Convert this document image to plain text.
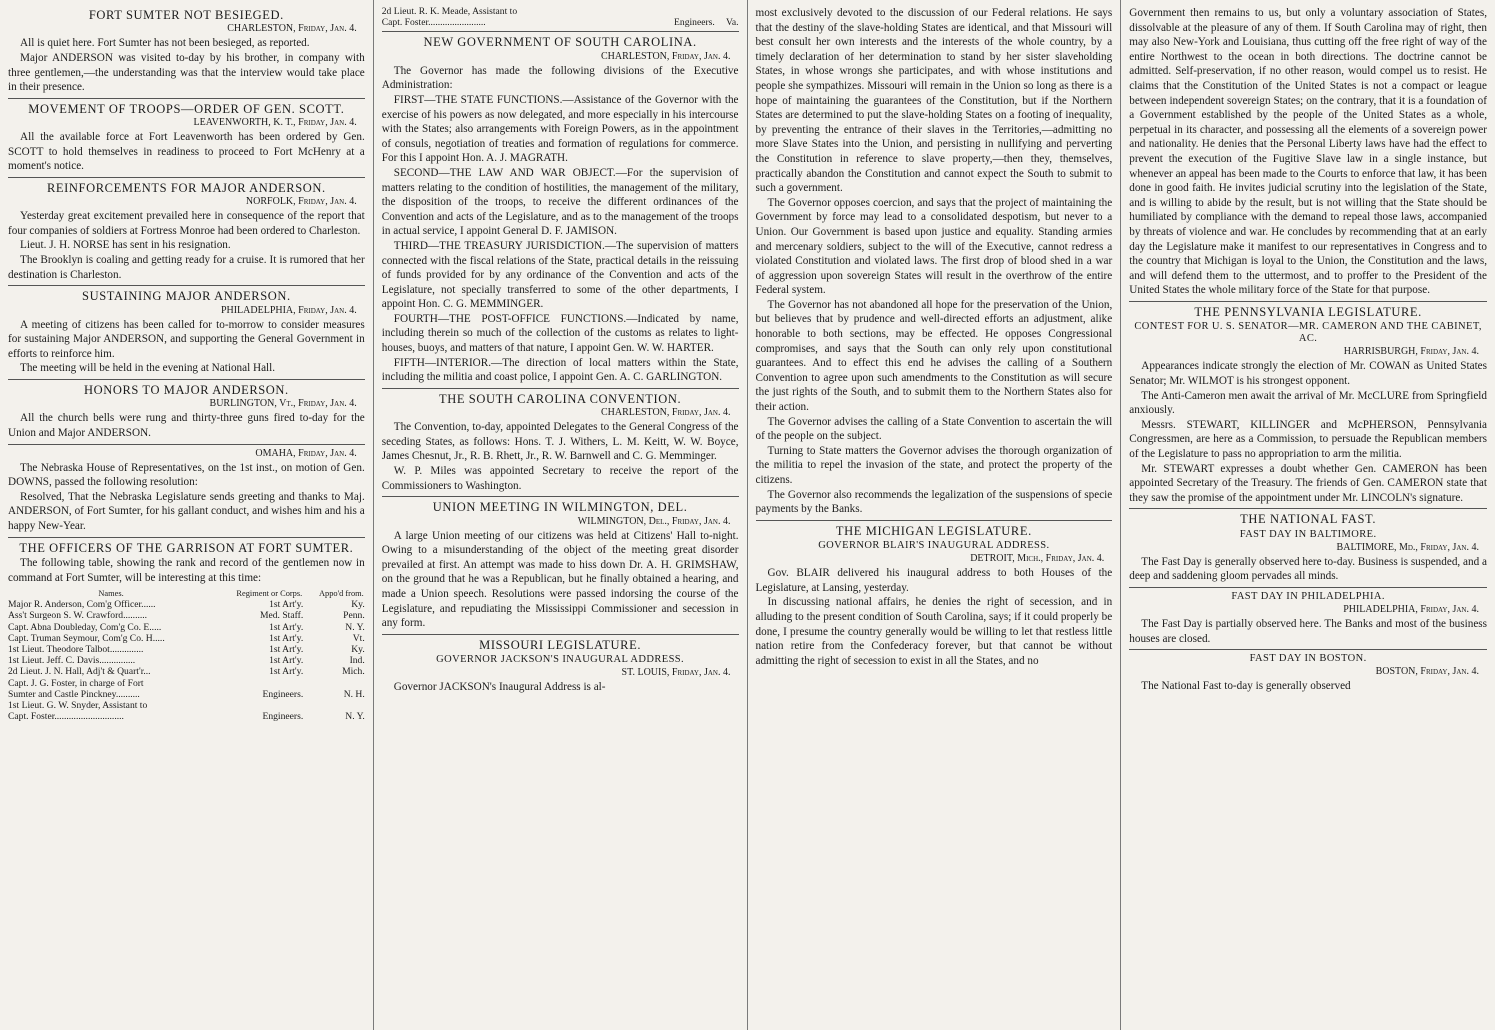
FORT SUMTER NOT BESIEGED.
CHARLESTON, Friday, Jan. 4.

All is quiet here. Fort Sumter has not been besieged, as reported.

Major ANDERSON was visited to-day by his brother, in company with three gentlemen,—the understanding was that the interview would take place in their presence.

MOVEMENT OF TROOPS—ORDER OF GEN. SCOTT.
LEAVENWORTH, K. T., Friday, Jan. 4.

All the available force at Fort Leavenworth has been ordered by Gen. SCOTT to hold themselves in readiness to proceed to Fort McHenry at a moment's notice.

REINFORCEMENTS FOR MAJOR ANDERSON.
NORFOLK, Friday, Jan. 4.

Yesterday great excitement prevailed here in consequence of the report that four companies of soldiers at Fortress Monroe had been ordered to Charleston.

Lieut. J. H. NORSE has sent in his resignation.

The Brooklyn is coaling and getting ready for a cruise. It is rumored that her destination is Charleston.

SUSTAINING MAJOR ANDERSON.
PHILADELPHIA, Friday, Jan. 4.

A meeting of citizens has been called for to-morrow to consider measures for sustaining Major ANDERSON, and supporting the General Government in efforts to reinforce him.

The meeting will be held in the evening at National Hall.

HONORS TO MAJOR ANDERSON.
BURLINGTON, Vt., Friday, Jan. 4.

All the church bells were rung and thirty-three guns fired to-day for the Union and Major ANDERSON.

OMAHA, Friday, Jan. 4.

The Nebraska House of Representatives, on the 1st inst., on motion of Gen. DOWNS, passed the following resolution:

Resolved, That the Nebraska Legislature sends greeting and thanks to Maj. ANDERSON, of Fort Sumter, for his gallant conduct, and wishes him and his a happy New-Year.

THE OFFICERS OF THE GARRISON AT FORT SUMTER.

The following table, showing the rank and record of the gentlemen now in command at Fort Sumter, will be interesting at this time:

Names.	Regiment or Corps.	Appo'd from.
Major R. Anderson, Com'g Officer......	1st Art'y.	Ky.
Ass't Surgeon S. W. Crawford..........	Med. Staff.	Penn.
Capt. Abna Doubleday, Com'g Co. E.....	1st Art'y.	N. Y.
Capt. Truman Seymour, Com'g Co. H.....	1st Art'y.	Vt.
1st Lieut. Theodore Talbot..............	1st Art'y.	Ky.
1st Lieut. Jeff. C. Davis...............	1st Art'y.	Ind.
2d Lieut. J. N. Hall, Adj't & Quart'r...	1st Art'y.	Mich.
Capt. J. G. Foster, in charge of Fort		
Sumter and Castle Pinckney..........	Engineers.	N. H.
1st Lieut. G. W. Snyder, Assistant to		
Capt. Foster.............................	Engineers.	N. Y.
2d Lieut. R. K. Meade, Assistant to		
Capt. Foster........................	Engineers.	Va.
NEW GOVERNMENT OF SOUTH CAROLINA.
CHARLESTON, Friday, Jan. 4.

The Governor has made the following divisions of the Executive Administration:

FIRST—THE STATE FUNCTIONS.—Assistance of the Governor with the exercise of his powers as now delegated, and more especially in his intercourse with the States; also arrangements with Foreign Powers, as in the appointment of consuls, negotiation of treaties and formation of regulations for commerce. For this I appoint Hon. A. J. MAGRATH.

SECOND—THE LAW AND WAR OBJECT.—For the supervision of matters relating to the condition of hostilities, the management of the military, the disposition of the troops, to receive the different ordinances of the Convention and acts of the Legislature, and as to the management of the troops in actual service, I appoint General D. F. JAMISON.

THIRD—THE TREASURY JURISDICTION.—The supervision of matters connected with the fiscal relations of the State, practical details in the reissuing of funds provided for by any ordinance of the Convention and acts of the Legislature, not specially transferred to some of the other departments, I appoint Hon. C. G. MEMMINGER.

FOURTH—THE POST-OFFICE FUNCTIONS.—Indicated by name, including therein so much of the collection of the customs as relates to light-houses, buoys, and matters of that nature, I appoint Gen. W. W. HARTER.

FIFTH—INTERIOR.—The direction of local matters within the State, including the militia and coast police, I appoint Gen. A. C. GARLINGTON.

THE SOUTH CAROLINA CONVENTION.
CHARLESTON, Friday, Jan. 4.

The Convention, to-day, appointed Delegates to the General Congress of the seceding States, as follows: Hons. T. J. Withers, L. M. Keitt, W. W. Boyce, James Chesnut, Jr., R. B. Rhett, Jr., R. W. Barnwell and C. G. Memminger.

W. P. Miles was appointed Secretary to receive the report of the Commissioners to Washington.

UNION MEETING IN WILMINGTON, DEL.
WILMINGTON, Del., Friday, Jan. 4.

A large Union meeting of our citizens was held at Citizens' Hall to-night. Owing to a misunderstanding of the object of the meeting great disorder prevailed at first. An attempt was made to hiss down Dr. A. H. GRIMSHAW, on the ground that he was a Republican, but he finally obtained a hearing, and made a Union speech. Resolutions were passed indorsing the course of the Legislature, and repudiating the Mississippi Commissioner and secession in any form.

MISSOURI LEGISLATURE.
GOVERNOR JACKSON'S INAUGURAL ADDRESS.
ST. LOUIS, Friday, Jan. 4.

Governor JACKSON's Inaugural Address is al-

most exclusively devoted to the discussion of our Federal relations. He says that the destiny of the slave-holding States are identical, and that Missouri will best consult her own interests and the interests of the whole country, by a timely declaration of her determination to stand by her sister slaveholding States, in whose wrongs she participates, and with whose institutions and people she sympathizes. Missouri will remain in the Union so long as there is a hope of maintaining the guarantees of the Constitution, but if the Northern States are determined to put the slave-holding States on a footing of inequality, by preventing the entrance of their slaves in the Territories,—admitting no more Slave States into the Union, and persisting in nullifying and perverting the Constitution in reference to slave property,—then they, themselves, practically abandon the Constitution and cannot expect the South to submit to such a government.

The Governor opposes coercion, and says that the project of maintaining the Government by force may lead to a consolidated despotism, but never to a Union. Our Government is based upon justice and equality. Standing armies and mercenary soldiers, subject to the will of the Executive, cannot redress a violated Constitution and violated laws. The first drop of blood shed in a war of aggression upon sovereign States will result in the overthrow of the entire Federal system.

The Governor has not abandoned all hope for the preservation of the Union, but believes that by prudence and well-directed efforts an adjustment, alike honorable to both sections, may be effected. He opposes Congressional compromises, and says that the South can only rely upon constitutional guarantees. And to effect this end he advises the calling of a Southern Convention to agree upon such amendments to the Constitution as will secure the just rights of the South, and to submit them to the Northern States also for their action.

The Governor advises the calling of a State Convention to ascertain the will of the people on the subject.

Turning to State matters the Governor advises the thorough organization of the militia to repel the invasion of the state, and protect the property of the citizens.

The Governor also recommends the legalization of the suspensions of specie payments by the Banks.

THE MICHIGAN LEGISLATURE.
GOVERNOR BLAIR'S INAUGURAL ADDRESS.
DETROIT, Mich., Friday, Jan. 4.

Gov. BLAIR delivered his inaugural address to both Houses of the Legislature, at Lansing, yesterday.

In discussing national affairs, he denies the right of secession, and in alluding to the present condition of South Carolina, says; if it could properly be done, I presume the country generally would be willing to let that restless little nation retire from the Confederacy forever, but that cannot be without admitting the right of secession to exist in all the States, and no

Government then remains to us, but only a voluntary association of States, dissolvable at the pleasure of any of them. If South Carolina may of right, then may also New-York and Louisiana, thus cutting off the free right of way of the entire Northwest to the ocean in both directions. The doctrine cannot be admitted. Self-preservation, if no other reason, would compel us to resist. He claims that the Constitution of the United States is not a compact or league between independent sovereign States; on the contrary, that it is a foundation of a Government established by the people of the United States as a whole, perpetual in its character, and possessing all the elements of a sovereign power and nationality. He denies that the Personal Liberty laws have had the effect to prevent the execution of the Fugitive Slave law in a single instance, but whenever an appeal has been made to the Courts to enforce that law, it has been done in good faith. He invites judicial scrutiny into the legislation of the State, and is willing to abide by the result, but is not willing that the State should be humiliated by compliance with the demand to repeal those laws, accompanied by threats of violence and war. He concludes by recommending that at an early day the Legislature make it manifest to our representatives in Congress and to the country that Michigan is loyal to the Union, the Constitution and the laws, and will defend them to the uttermost, and to proffer to the President of the United States the whole military force of the State for that purpose.

THE PENNSYLVANIA LEGISLATURE.
CONTEST FOR U. S. SENATOR—MR. CAMERON AND THE CABINET, AC.
HARRISBURGH, Friday, Jan. 4.

Appearances indicate strongly the election of Mr. COWAN as United States Senator; Mr. WILMOT is his strongest opponent.

The Anti-Cameron men await the arrival of Mr. McCLURE from Springfield anxiously.

Messrs. STEWART, KILLINGER and McPHERSON, Pennsylvania Congressmen, are here as a Commission, to persuade the Republican members of the Legislature to pass no appropriation to arm the militia.

Mr. STEWART expresses a doubt whether Gen. CAMERON has been appointed Secretary of the Treasury. The friends of Gen. CAMERON state that they saw the promise of the appointment under Mr. LINCOLN's signature.

THE NATIONAL FAST.
FAST DAY IN BALTIMORE.
BALTIMORE, Md., Friday, Jan. 4.

The Fast Day is generally observed here to-day. Business is suspended, and a deep and saddening gloom pervades all minds.

FAST DAY IN PHILADELPHIA.
PHILADELPHIA, Friday, Jan. 4.

The Fast Day is partially observed here. The Banks and most of the business houses are closed.

FAST DAY IN BOSTON.
BOSTON, Friday, Jan. 4.

The National Fast to-day is generally observed
